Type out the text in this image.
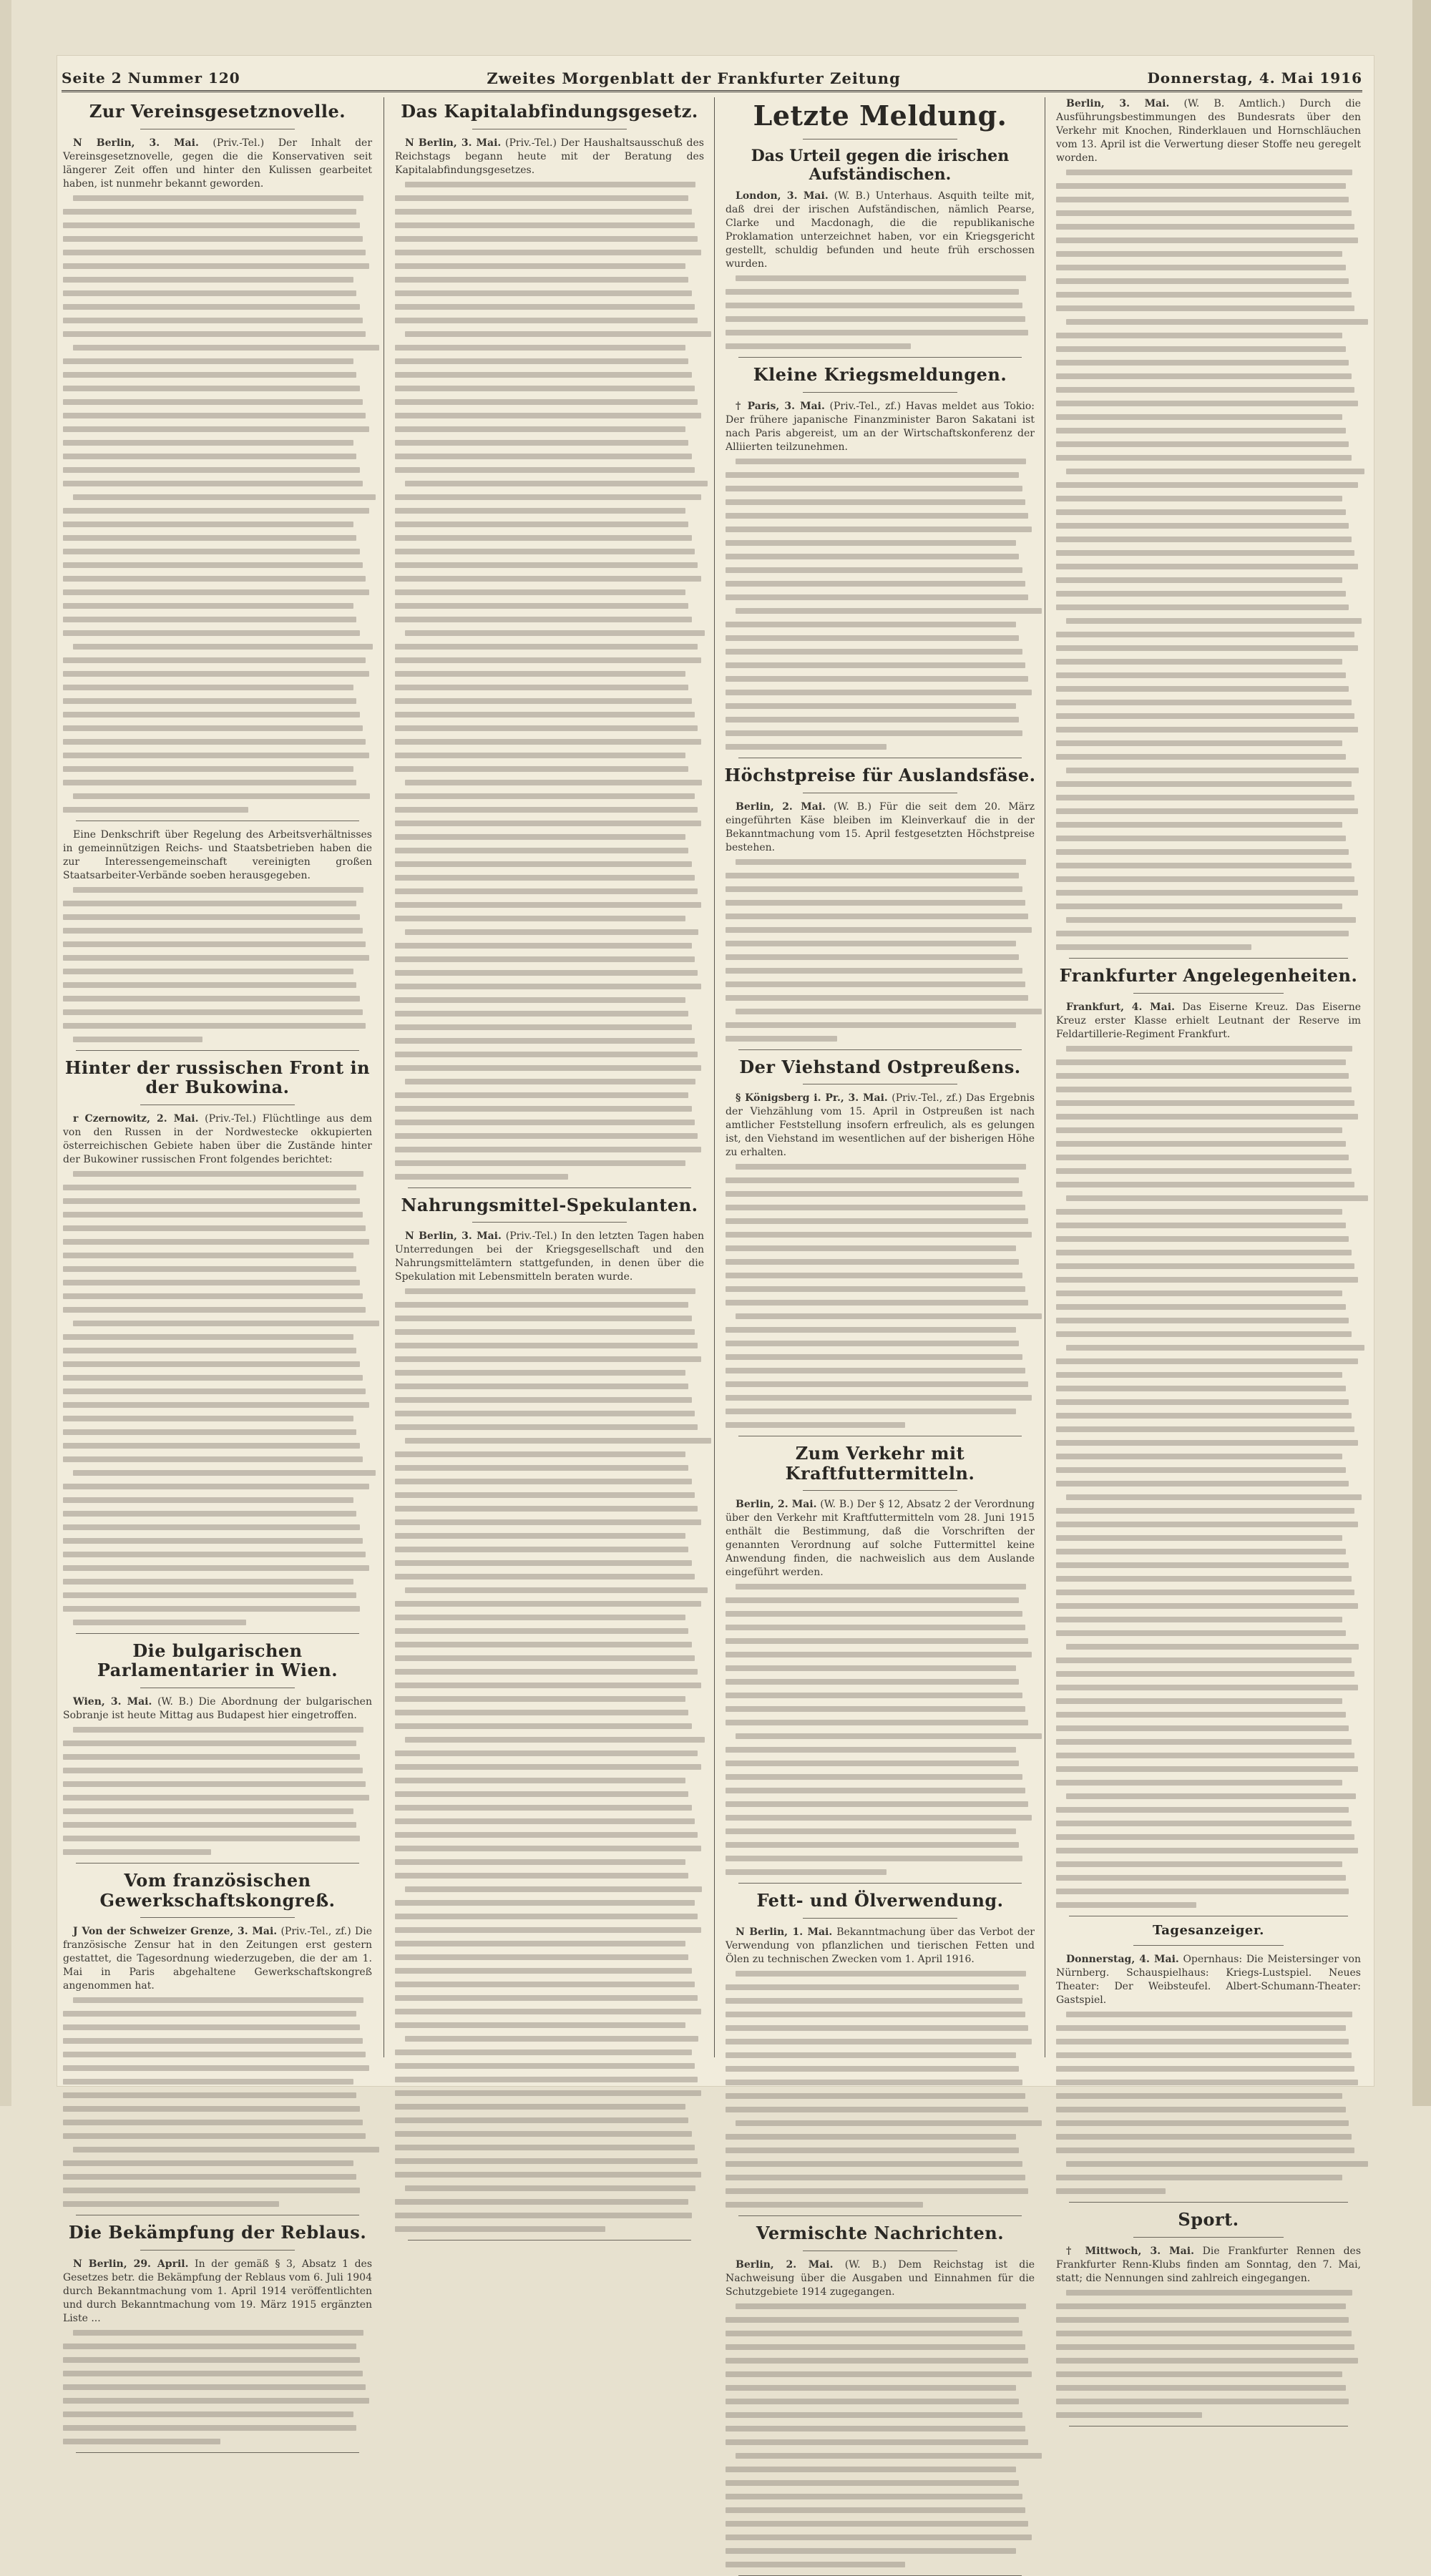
Seite 2 Nummer 120	Zweites Morgenblatt der Frankfurter Zeitung	Donnerstag, 4. Mai 1916
Zur Vereinsgesetznovelle.

N Berlin, 3. Mai. (Priv.-Tel.) Der Inhalt der Vereinsgesetznovelle, gegen die die Konservativen seit längerer Zeit offen und hinter den Kulissen gearbeitet haben, ist nunmehr bekannt geworden.

Eine Denkschrift über Regelung des Arbeitsverhältnisses in gemeinnützigen Reichs- und Staatsbetrieben haben die zur Interessengemeinschaft vereinigten großen Staatsarbeiter-Verbände soeben herausgegeben.

Hinter der russischen Front in der Bukowina.

r Czernowitz, 2. Mai. (Priv.-Tel.) Flüchtlinge aus dem von den Russen in der Nordwestecke okkupierten österreichischen Gebiete haben über die Zustände hinter der Bukowiner russischen Front folgendes berichtet:

Die bulgarischen Parlamentarier in Wien.

Wien, 3. Mai. (W. B.) Die Abordnung der bulgarischen Sobranje ist heute Mittag aus Budapest hier eingetroffen.

Vom französischen Gewerkschaftskongreß.

J Von der Schweizer Grenze, 3. Mai. (Priv.-Tel., zf.) Die französische Zensur hat in den Zeitungen erst gestern gestattet, die Tagesordnung wiederzugeben, die der am 1. Mai in Paris abgehaltene Gewerkschaftskongreß angenommen hat.

Die Bekämpfung der Reblaus.

N Berlin, 29. April. In der gemäß § 3, Absatz 1 des Gesetzes betr. die Bekämpfung der Reblaus vom 6. Juli 1904 durch Bekanntmachung vom 1. April 1914 veröffentlichten und durch Bekanntmachung vom 19. März 1915 ergänzten Liste ...

Das Kapitalabfindungsgesetz.

N Berlin, 3. Mai. (Priv.-Tel.) Der Haushaltsausschuß des Reichstags begann heute mit der Beratung des Kapitalabfindungsgesetzes.

Nahrungsmittel-Spekulanten.

N Berlin, 3. Mai. (Priv.-Tel.) In den letzten Tagen haben Unterredungen bei der Kriegsgesellschaft und den Nahrungsmittelämtern stattgefunden, in denen über die Spekulation mit Lebensmitteln beraten wurde.

Letzte Meldung.
Das Urteil gegen die irischen Aufständischen.

London, 3. Mai. (W. B.) Unterhaus. Asquith teilte mit, daß drei der irischen Aufständischen, nämlich Pearse, Clarke und Macdonagh, die die republikanische Proklamation unterzeichnet haben, vor ein Kriegsgericht gestellt, schuldig befunden und heute früh erschossen wurden.

Kleine Kriegsmeldungen.

† Paris, 3. Mai. (Priv.-Tel., zf.) Havas meldet aus Tokio: Der frühere japanische Finanzminister Baron Sakatani ist nach Paris abgereist, um an der Wirtschaftskonferenz der Alliierten teilzunehmen.

Höchstpreise für Auslandsfäse.

Berlin, 2. Mai. (W. B.) Für die seit dem 20. März eingeführten Käse bleiben im Kleinverkauf die in der Bekanntmachung vom 15. April festgesetzten Höchstpreise bestehen.

Der Viehstand Ostpreußens.

§ Königsberg i. Pr., 3. Mai. (Priv.-Tel., zf.) Das Ergebnis der Viehzählung vom 15. April in Ostpreußen ist nach amtlicher Feststellung insofern erfreulich, als es gelungen ist, den Viehstand im wesentlichen auf der bisherigen Höhe zu erhalten.

Zum Verkehr mit Kraftfuttermitteln.

Berlin, 2. Mai. (W. B.) Der § 12, Absatz 2 der Verordnung über den Verkehr mit Kraftfuttermitteln vom 28. Juni 1915 enthält die Bestimmung, daß die Vorschriften der genannten Verordnung auf solche Futtermittel keine Anwendung finden, die nachweislich aus dem Auslande eingeführt werden.

Fett- und Ölverwendung.

N Berlin, 1. Mai. Bekanntmachung über das Verbot der Verwendung von pflanzlichen und tierischen Fetten und Ölen zu technischen Zwecken vom 1. April 1916.

Vermischte Nachrichten.

Berlin, 2. Mai. (W. B.) Dem Reichstag ist die Nachweisung über die Ausgaben und Einnahmen für die Schutzgebiete 1914 zugegangen.

Berlin, 3. Mai. (W. B. Amtlich.) Durch die Ausführungsbestimmungen des Bundesrats über den Verkehr mit Knochen, Rinderklauen und Hornschläuchen vom 13. April ist die Verwertung dieser Stoffe neu geregelt worden.

Frankfurter Angelegenheiten.

Frankfurt, 4. Mai. Das Eiserne Kreuz. Das Eiserne Kreuz erster Klasse erhielt Leutnant der Reserve im Feldartillerie-Regiment Frankfurt.

Tagesanzeiger.

Donnerstag, 4. Mai. Opernhaus: Die Meistersinger von Nürnberg. Schauspielhaus: Kriegs-Lustspiel. Neues Theater: Der Weibsteufel. Albert-Schumann-Theater: Gastspiel.

Sport.

† Mittwoch, 3. Mai. Die Frankfurter Rennen des Frankfurter Renn-Klubs finden am Sonntag, den 7. Mai, statt; die Nennungen sind zahlreich eingegangen.
